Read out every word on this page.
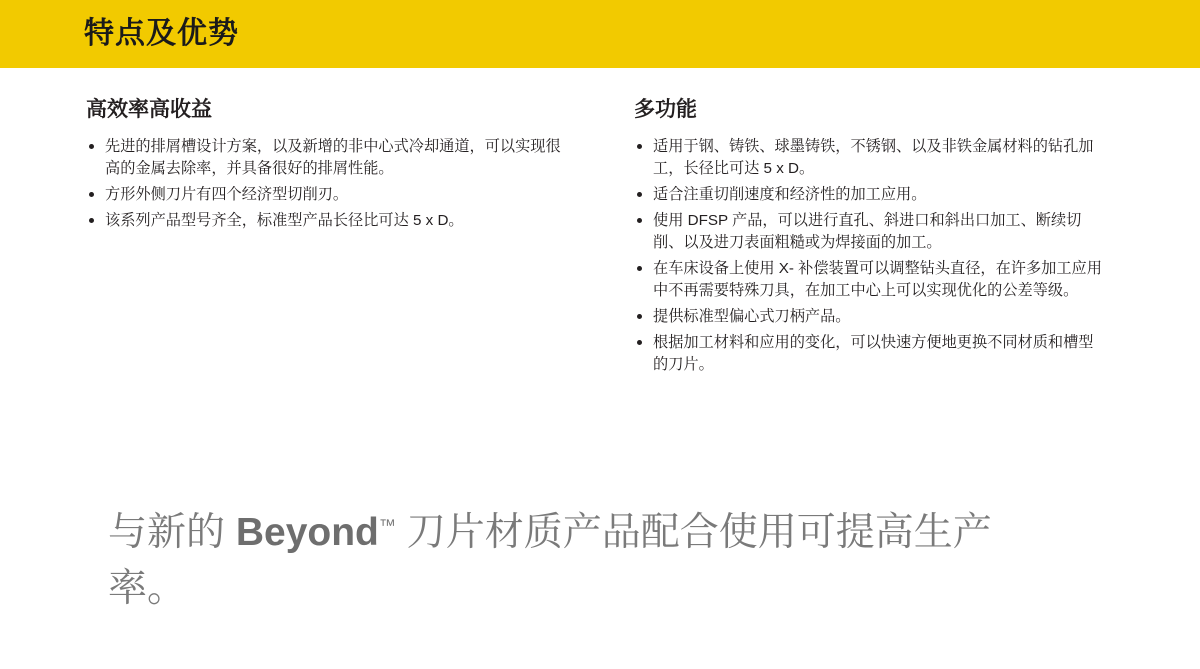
特点及优势
高效率高收益
先进的排屑槽设计方案，以及新增的非中心式冷却通道，可以实现很高的金属去除率，并具备很好的排屑性能。
方形外侧刀片有四个经济型切削刃。
该系列产品型号齐全，标准型产品长径比可达 5 x D。
多功能
适用于钢、铸铁、球墨铸铁，不锈钢、以及非铁金属材料的钻孔加工，长径比可达 5 x D。
适合注重切削速度和经济性的加工应用。
使用 DFSP 产品，可以进行直孔、斜进口和斜出口加工、断续切削、以及进刀表面粗糙或为焊接面的加工。
在车床设备上使用 X- 补偿装置可以调整钻头直径，在许多加工应用中不再需要特殊刀具，在加工中心上可以实现优化的公差等级。
提供标准型偏心式刀柄产品。
根据加工材料和应用的变化，可以快速方便地更换不同材质和槽型的刀片。
与新的 Beyond™ 刀片材质产品配合使用可提高生产率。
